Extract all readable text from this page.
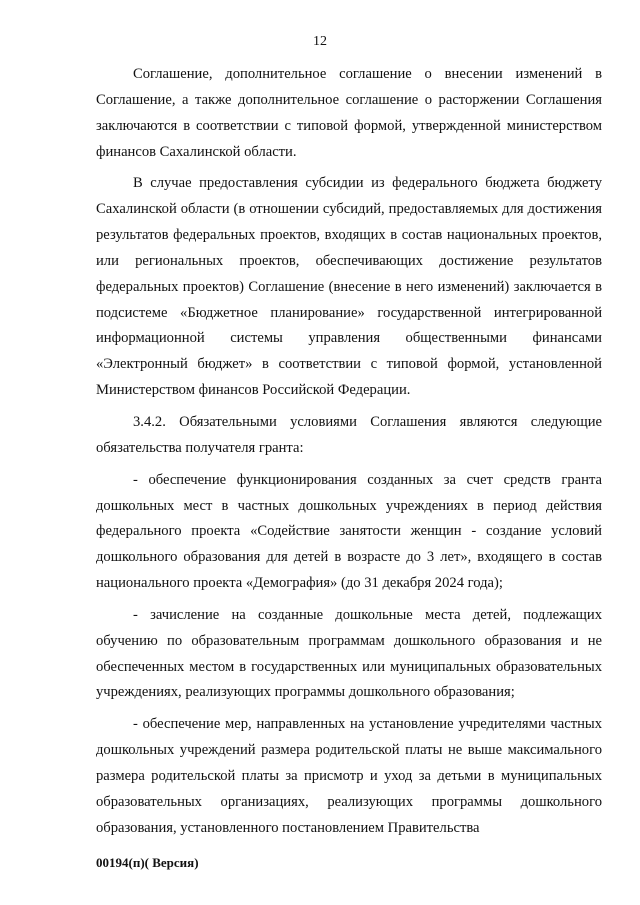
12

Соглашение, дополнительное соглашение о внесении изменений в Соглашение, а также дополнительное соглашение о расторжении Соглашения заключаются в соответствии с типовой формой, утвержденной министерством финансов Сахалинской области.

В случае предоставления субсидии из федерального бюджета бюджету Сахалинской области (в отношении субсидий, предоставляемых для достижения результатов федеральных проектов, входящих в состав национальных проектов, или региональных проектов, обеспечивающих достижение результатов федеральных проектов) Соглашение (внесение в него изменений) заключается в подсистеме «Бюджетное планирование» государственной интегрированной информационной системы управления общественными финансами «Электронный бюджет» в соответствии с типовой формой, установленной Министерством финансов Российской Федерации.

3.4.2. Обязательными условиями Соглашения являются следующие обязательства получателя гранта:

- обеспечение функционирования созданных за счет средств гранта дошкольных мест в частных дошкольных учреждениях в период действия федерального проекта «Содействие занятости женщин - создание условий дошкольного образования для детей в возрасте до 3 лет», входящего в состав национального проекта «Демография» (до 31 декабря 2024 года);

- зачисление на созданные дошкольные места детей, подлежащих обучению по образовательным программам дошкольного образования и не обеспеченных местом в государственных или муниципальных образовательных учреждениях, реализующих программы дошкольного образования;

- обеспечение мер, направленных на установление учредителями частных дошкольных учреждений размера родительской платы не выше максимального размера родительской платы за присмотр и уход за детьми в муниципальных образовательных организациях, реализующих программы дошкольного образования, установленного постановлением Правительства

00194(п)( Версия)
